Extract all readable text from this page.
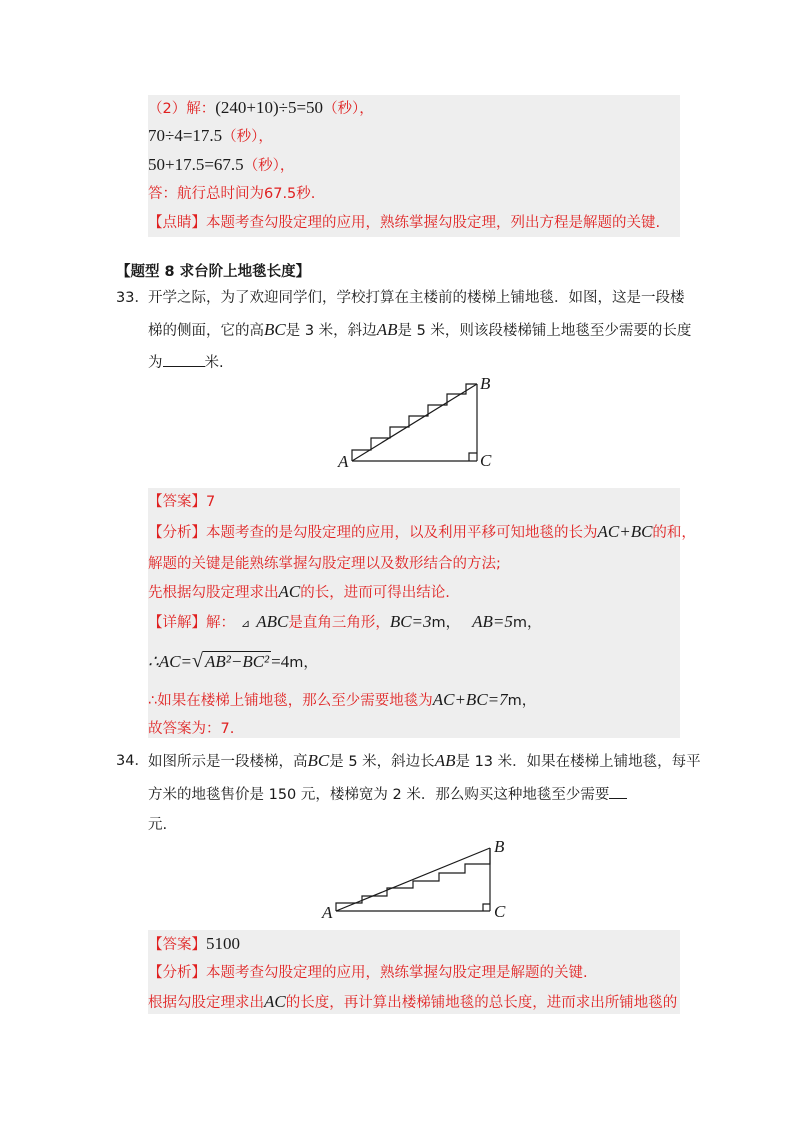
（2）解：(240+10)÷5=50（秒），
70÷4=17.5（秒），
50+17.5=67.5（秒），
答：航行总时间为67.5秒.
【点睛】本题考查勾股定理的应用，熟练掌握勾股定理，列出方程是解题的关键.
【题型 8 求台阶上地毯长度】
33． 开学之际，为了欢迎同学们，学校打算在主楼前的楼梯上铺地毯．如图，这是一段楼
梯的侧面，它的高BC是 3 米，斜边AB是 5 米，则该段楼梯铺上地毯至少需要的长度
为	米.
A
B
C
【答案】7
【分析】本题考查的是勾股定理的应用，以及利用平移可知地毯的长为AC+BC的和，
解题的关键是能熟练掌握勾股定理以及数形结合的方法;
先根据勾股定理求出AC的长，进而可得出结论.
【详解】解： ⊿ ABC是直角三角形，BC=3m， AB=5m，
∴AC=√ AB²−BC² =4m，
∴如果在楼梯上铺地毯，那么至少需要地毯为AC+BC=7m，
故答案为：7.
34． 如图所示是一段楼梯，高BC是 5 米，斜边长AB是 13 米．如果在楼梯上铺地毯，每平
方米的地毯售价是 150 元，楼梯宽为 2 米．那么购买这种地毯至少需要
元.
A
B
C
【答案】5100
【分析】本题考查勾股定理的应用，熟练掌握勾股定理是解题的关键.
根据勾股定理求出AC的长度，再计算出楼梯铺地毯的总长度，进而求出所铺地毯的
